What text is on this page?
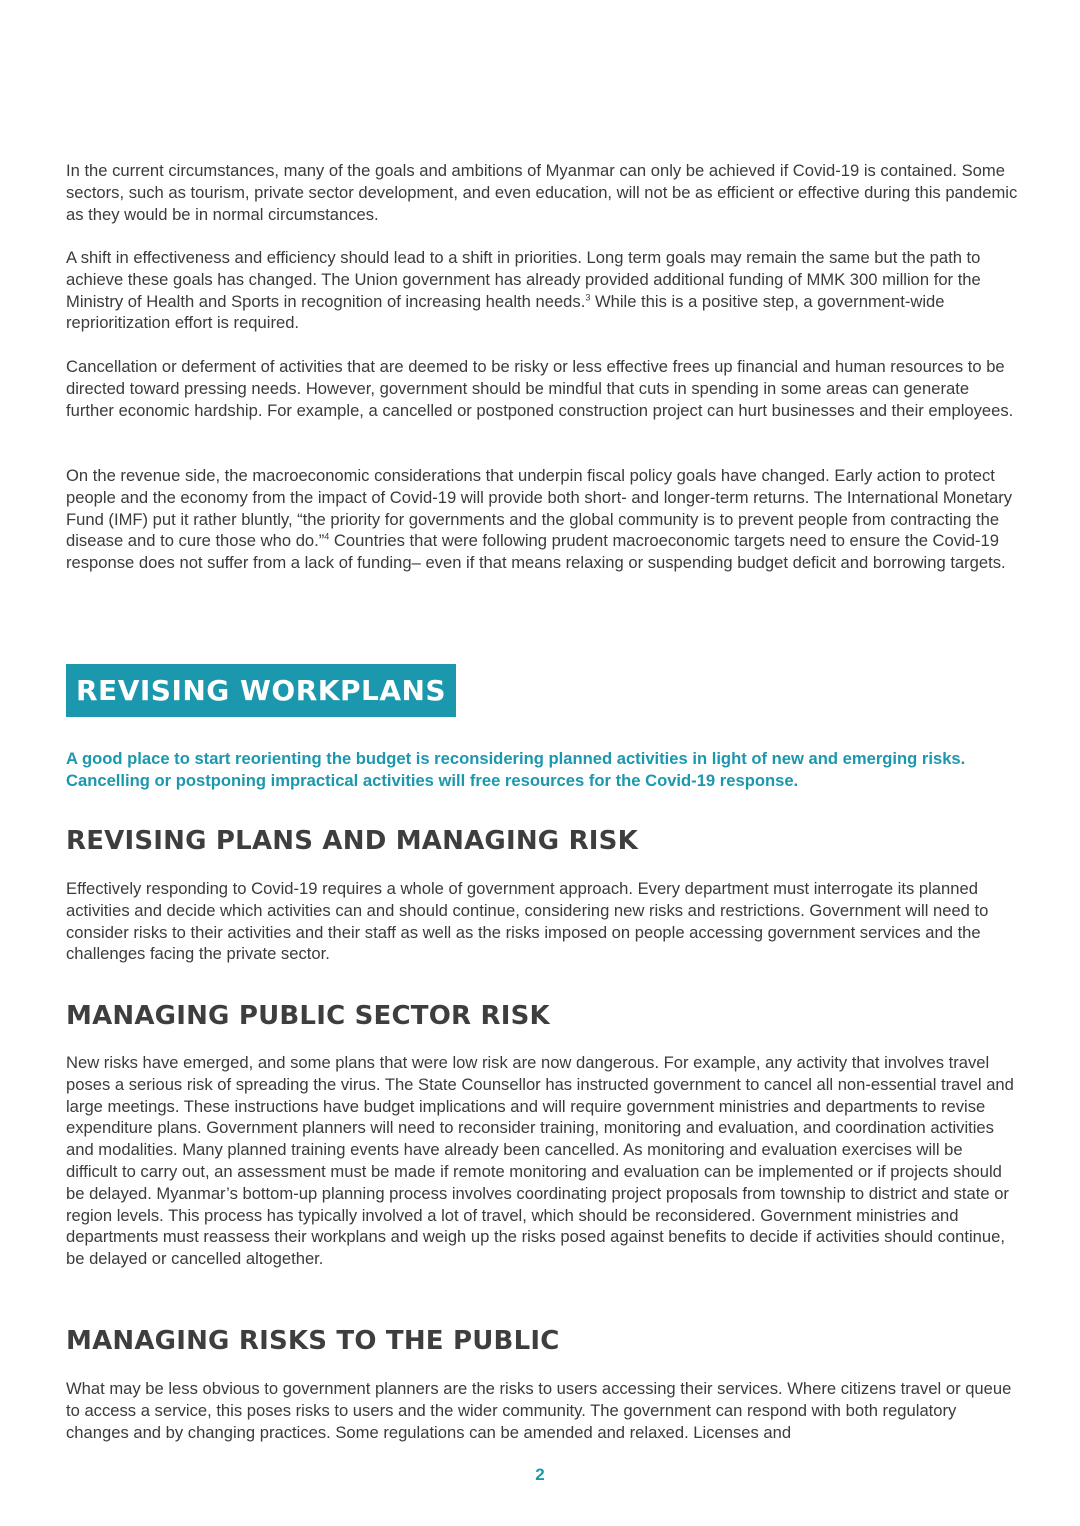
In the current circumstances, many of the goals and ambitions of Myanmar can only be achieved if Covid-19 is contained. Some sectors, such as tourism, private sector development, and even education, will not be as efficient or effective during this pandemic as they would be in normal circumstances.

A shift in effectiveness and efficiency should lead to a shift in priorities. Long term goals may remain the same but the path to achieve these goals has changed. The Union government has already provided additional funding of MMK 300 million for the Ministry of Health and Sports in recognition of increasing health needs.$^3$ While this is a positive step, a government-wide reprioritization effort is required.

Cancellation or deferment of activities that are deemed to be risky or less effective frees up financial and human resources to be directed toward pressing needs. However, government should be mindful that cuts in spending in some areas can generate further economic hardship. For example, a cancelled or postponed construction project can hurt businesses and their employees.

On the revenue side, the macroeconomic considerations that underpin fiscal policy goals have changed. Early action to protect people and the economy from the impact of Covid-19 will provide both short- and longer-term returns. The International Monetary Fund (IMF) put it rather bluntly, “the priority for governments and the global community is to prevent people from contracting the disease and to cure those who do.”$^4$ Countries that were following prudent macroeconomic targets need to ensure the Covid-19 response does not suffer from a lack of funding– even if that means relaxing or suspending budget deficit and borrowing targets.

REVISING WORKPLANS

A good place to start reorienting the budget is reconsidering planned activities in light of new and emerging risks. Cancelling or postponing impractical activities will free resources for the Covid-19 response.

REVISING PLANS AND MANAGING RISK

Effectively responding to Covid-19 requires a whole of government approach. Every department must interrogate its planned activities and decide which activities can and should continue, considering new risks and restrictions. Government will need to consider risks to their activities and their staff as well as the risks imposed on people accessing government services and the challenges facing the private sector.

MANAGING PUBLIC SECTOR RISK

New risks have emerged, and some plans that were low risk are now dangerous. For example, any activity that involves travel poses a serious risk of spreading the virus. The State Counsellor has instructed government to cancel all non-essential travel and large meetings. These instructions have budget implications and will require government ministries and departments to revise expenditure plans. Government planners will need to reconsider training, monitoring and evaluation, and coordination activities and modalities. Many planned training events have already been cancelled. As monitoring and evaluation exercises will be difficult to carry out, an assessment must be made if remote monitoring and evaluation can be implemented or if projects should be delayed. Myanmar’s bottom-up planning process involves coordinating project proposals from township to district and state or region levels. This process has typically involved a lot of travel, which should be reconsidered. Government ministries and departments must reassess their workplans and weigh up the risks posed against benefits to decide if activities should continue, be delayed or cancelled altogether.

MANAGING RISKS TO THE PUBLIC

What may be less obvious to government planners are the risks to users accessing their services. Where citizens travel or queue to access a service, this poses risks to users and the wider community. The government can respond with both regulatory changes and by changing practices. Some regulations can be amended and relaxed. Licenses and

2
